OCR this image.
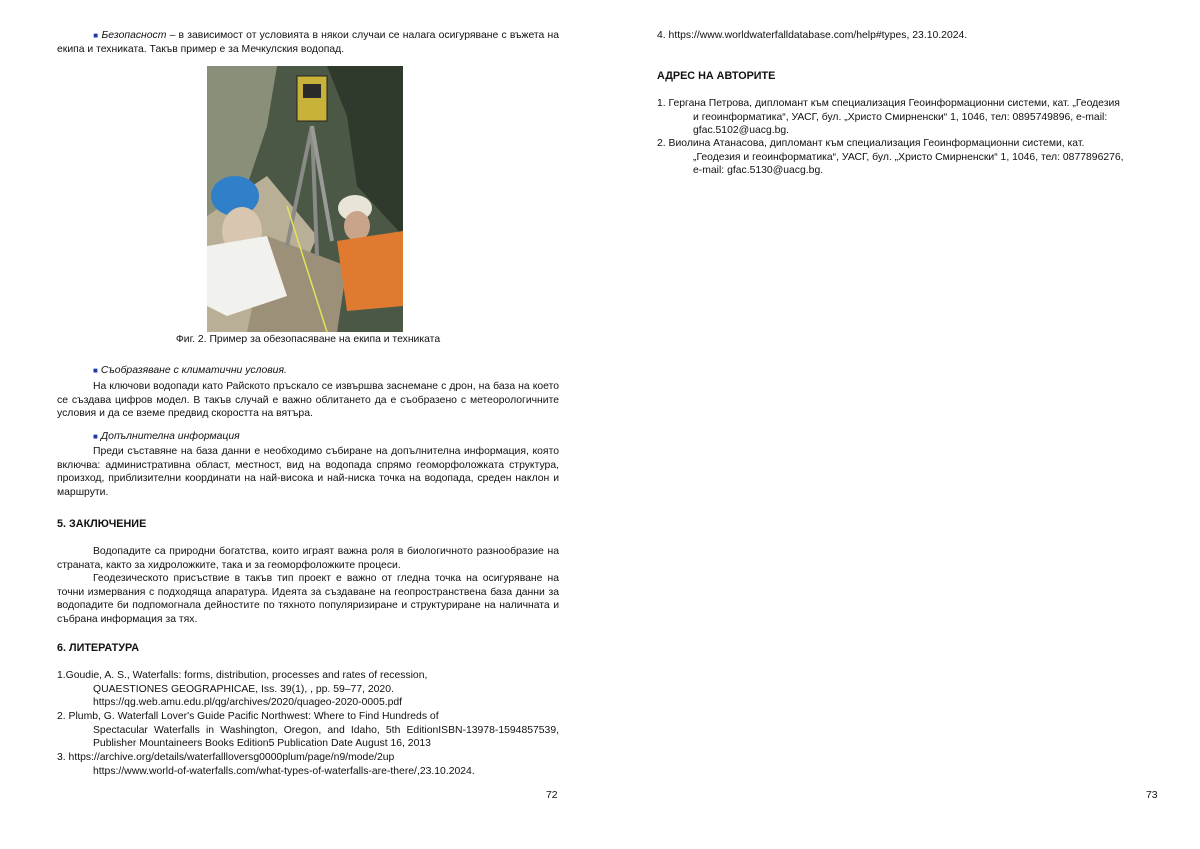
■ Безопасност – в зависимост от условията в някои случаи се налага осигуряване с въжета на екипа и техниката. Такъв пример е за Мечкулския водопад.

Фиг. 2. Пример за обезопасяване на екипа и техниката

■ Съобразяване с климатични условия.

На ключови водопади като Райското пръскало се извършва заснемане с дрон, на база на което се създава цифров модел. В такъв случай е важно облитането да е съобразено с метеорологичните условия и да се вземе предвид скоростта на вятъра.

■ Допълнителна информация

Преди съставяне на база данни е необходимо събиране на допълнителна информация, която включва: административна област, местност, вид на водопада спрямо геоморфоложката структура, произход, приблизителни координати на най-висока и най-ниска точка на водопада, среден наклон и маршрути.

5. ЗАКЛЮЧЕНИЕ

Водопадите са природни богатства, които играят важна роля в биологичното разнообразие на страната, както за хидроложките, така и за геоморфоложките процеси.

Геодезическото присъствие в такъв тип проект е важно от гледна точка на осигуряване на точни измервания с подходяща апаратура. Идеята за създаване на геопространствена база данни за водопадите би подпомогнала дейностите по тяхното популяризиране и структуриране на наличната и събрана информация за тях.

6. ЛИТЕРАТУРА

1.Goudie, A. S., Waterfalls: forms, distribution, processes and rates of recession,

QUAESTIONES GEOGRAPHICAE, Iss. 39(1), , pp. 59–77, 2020.

https://qg.web.amu.edu.pl/qg/archives/2020/quageo-2020-0005.pdf

2. Plumb, G. Waterfall Lover's Guide Pacific Northwest: Where to Find Hundreds of

Spectacular Waterfalls in Washington, Oregon, and Idaho, 5th EditionISBN-13978-1594857539, Publisher Mountaineers Books Edition5 Publication Date August 16, 2013

3. https://archive.org/details/waterfallloversg0000plum/page/n9/mode/2up

https://www.world-of-waterfalls.com/what-types-of-waterfalls-are-there/,23.10.2024.

72

4. https://www.worldwaterfalldatabase.com/help#types, 23.10.2024.

АДРЕС НА АВТОРИТЕ

1. Гергана Петрова, дипломант към специализация Геоинформационни системи, кат. „Геодезия

и геоинформатика“, УАСГ, бул. „Христо Смирненски“ 1, 1046, тел: 0895749896, e-mail:

gfac.5102@uacg.bg.

2. Виолина Атанасова, дипломант към специализация Геоинформационни системи, кат.

„Геодезия и геоинформатика“, УАСГ, бул. „Христо Смирненски“ 1, 1046, тел: 0877896276,

e-mail: gfac.5130@uacg.bg.

73
